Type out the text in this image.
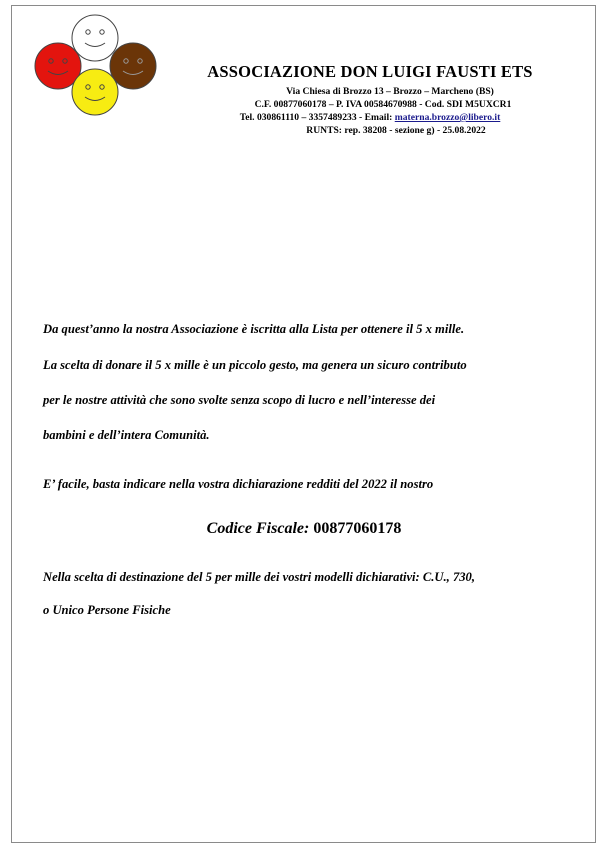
ASSOCIAZIONE DON LUIGI FAUSTI ETS
Via Chiesa di Brozzo 13 – Brozzo – Marcheno (BS)
C.F. 00877060178 – P. IVA 00584670988 - Cod. SDI M5UXCR1
Tel. 030861110 – 3357489233 - Email: materna.brozzo@libero.it
RUNTS: rep. 38208 - sezione g) - 25.08.2022
Da quest’anno la nostra Associazione è iscritta alla Lista per ottenere il 5 x mille.
La scelta di donare il 5 x mille è un piccolo gesto, ma genera un sicuro contributo
per le nostre attività che sono svolte senza scopo di lucro e nell’interesse dei
bambini e dell’intera Comunità.
E’ facile, basta indicare nella vostra dichiarazione redditi del 2022 il nostro
Codice Fiscale: 00877060178
Nella scelta di destinazione del 5 per mille dei vostri modelli dichiarativi: C.U., 730,
o Unico Persone Fisiche
